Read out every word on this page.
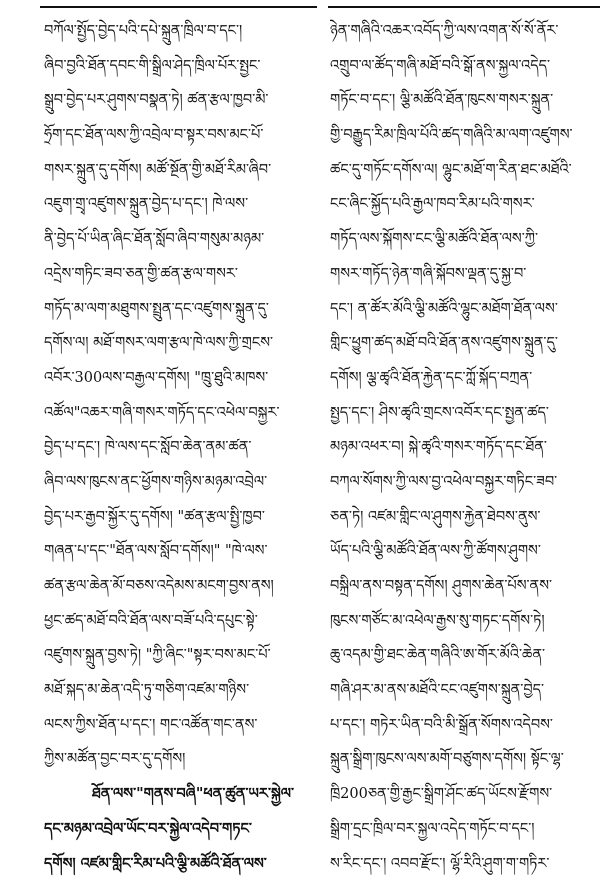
བཀོལ་སྤྱོད་བྱེད་པའི་དཔེ་སྐྲུན་ཁྲིལ་བ་དང་།
ཞིབ་བྱའི་ཐོན་དབང་གི་སྒྲིལ་ཤེད་ཁྲིལ་པོར་སྤྱང་
སྒྲུབ་བྱེད་པར་ཤུགས་བསྣན་ཏེ། ཚན་རྩལ་ཁྱབ་མི་
ཧྲོག་དང་ཐོན་ལས་ཀྱི་འབྲེལ་བ་སྟར་བས་མང་པོ་
གསར་སྐྲུན་དུ་དགོས། མཚོ་སྔོན་གྱི་མཐོ་རིམ་ཞིབ་
འཇུག་གྲྭ་འཛུགས་སྐྲུན་བྱེད་པ་དང་། ཁེ་ལས་
ནི་བྱེད་པོ་ཡིན་ཞིང་ཐོན་སློབ་ཞིབ་གསུམ་མཉམ་
འདྲེས་གཏིང་ཟབ་ཅན་གྱི་ཚན་རྩལ་གསར་
གཏོད་མ་ལག་མཐུགས་སྤྲུན་དང་འཛུགས་སྐྲུན་དུ་
དགོས་ལ། མཐོ་གསར་ལག་རྩལ་ཁེ་ལས་ཀྱི་གྲངས་
འབོར་300ལས་བརྒྱལ་དགོས། "ཁྲུ་ཐུའི་མཁས་
འཚོལ"འཆར་གཞི་གསར་གཏོད་དང་འཕེལ་བསྐྱར་
བྱེད་པ་དང་། ཁེ་ལས་དང་སློབ་ཆེན་ནམ་ཚན་
ཞིབ་ལས་ཁུངས་ནང་ཕྱོགས་གཉིས་མཉམ་འབྲེལ་
བྱེད་པར་རྒྱབ་སྐྱོར་དུ་དགོས། "ཚན་རྩལ་སྤྱི་ཁྱབ་
གཞན་པ་དང་"ཐོན་ལས་སློབ་དགོས།" "ཁེ་ལས་
ཚན་རྩལ་ཆེན་མོ་བཅས་འདེམས་མངག་བྱས་ནས།
ཕྱང་ཚད་མཐོ་བའི་ཐོན་ལས་བཟོ་པའི་དཔུང་སྟེ་
འཛུགས་སྐྲུན་བྱས་ཏེ། "ཀྱི་ཞིང་"སྟར་བས་མང་པོ་
མཐོ་སྐད་མ་ཆེན་འདི་ཏུ་གཅིག་འཛམ་གཉིས་
ལངས་ཀྱིས་ཐོན་པ་དང་། གང་འཚོན་གང་ནས་
ཀྱིས་མཚོན་བྱང་བར་དུ་དགོས།
ཐོན་ལས་"གནས་བཞི"ཕན་ཚུན་ཡར་སྐྱེལ་
དང་མཉམ་འབྲེལ་ཡོང་བར་སྐྱེལ་འདེབ་གཏང་
དགོས། འཛམ་གླིང་རིམ་པའི་ལྕི་མཚོའི་ཐོན་ལས་
ཉེན་གཞིའི་འཆར་འབོད་ཀྱི་ལས་འགན་སོ་སོ་ནོར་
འགྲུབ་ལ་ཚོད་གཞི་མཐོ་བའི་སྒོ་ནས་སྐྱལ་འདེད་
གཏོང་བ་དང་། ལྕི་མཚོའི་ཐོན་ཁུངས་གསར་སྐྲུན་
གྱི་བརྒྱུད་རིམ་ཁྲིལ་པོའི་ཚད་གཞིའི་མ་ལག་འཛུགས་
ཚང་དུ་གཏོང་དགོས་ལ། ལྷུང་མཐོ་ག་རིན་ཐང་མཐོའི་
ངང་ཞིང་སྐྱོད་པའི་རྒྱལ་ཁབ་རིམ་པའི་གསར་
གཏོད་ལས་སྐོགས་ངང་ལྕི་མཚོའི་ཐོན་ལས་ཀྱི་
གསར་གཏོད་ཉེན་གཞི་སྐོབས་ལྡན་དུ་སྐྱ་བ་
དང་། ན་ཚོར་མོའི་ལྕི་མཚོའི་ལྷུང་མཐོག་ཐོན་ལས་
གླིང་ཕྱུག་ཚད་མཐོ་བའི་ཐོན་ནས་འཛུགས་སྐྲུན་དུ་
དགོས། ལྕ་ཚྭའི་ཐོན་རྐྱེན་དང་ཀློ་སྐོད་བཀྲན་
སྤྱད་དང་། ཤིས་ཚྭའི་གྲངས་འབོར་དང་སྤྱན་ཚད་
མཉམ་འཕར་བ། སྐེ་ཚྭའི་གསར་གཏོད་དང་ཐོན་
བཀལ་སོགས་ཀྱི་ལས་བྱ་འཕེལ་བསྐྱར་གཏིང་ཟབ་
ཅན་ཏེ། འཛམ་གླིང་ལ་ཤུགས་རྐྱེན་ཐེབས་ནུས་
ཡོད་པའི་ལྕི་མཚོའི་ཐོན་ལས་ཀྱི་ཚོགས་ཤུགས་
བསྐྲིལ་ནས་བསྟན་དགོས། ཤུགས་ཆེན་པོས་ནས་
ཁུངས་གཙོང་མ་འཕེལ་རྒྱས་སུ་གཏང་དགོས་ཏེ།
ཆུ་འདམ་གྱི་ཐང་ཆེན་གཞིའི་ཨ་གོར་མོའི་ཆེན་
གཞི་ཤར་མ་ནས་མཐོའི་ངང་འཛུགས་སྐྲུན་བྱེད་
པ་དང་། གཏེར་ཡིན་བའི་མི་སྒྲོན་སོགས་འདེབས་
སྐྲུན་སྒྲིག་ཁུངས་ལས་མགོ་བཙུགས་དགོས། སྟོང་ལྷ་
ཁྲི200ཅན་གྱི་རྒྱང་སྒྲིག་ཤོང་ཚད་ཡོངས་རྫོགས་
སྒྲིག་དྲང་ཁྲིལ་བར་སྐྱལ་འདེད་གཏོང་བ་དང་།
ས་རིང་དང་། འབབ་རྫོང་། ལྷོ་རིའི་ཤུག་ག་གཏིར་
